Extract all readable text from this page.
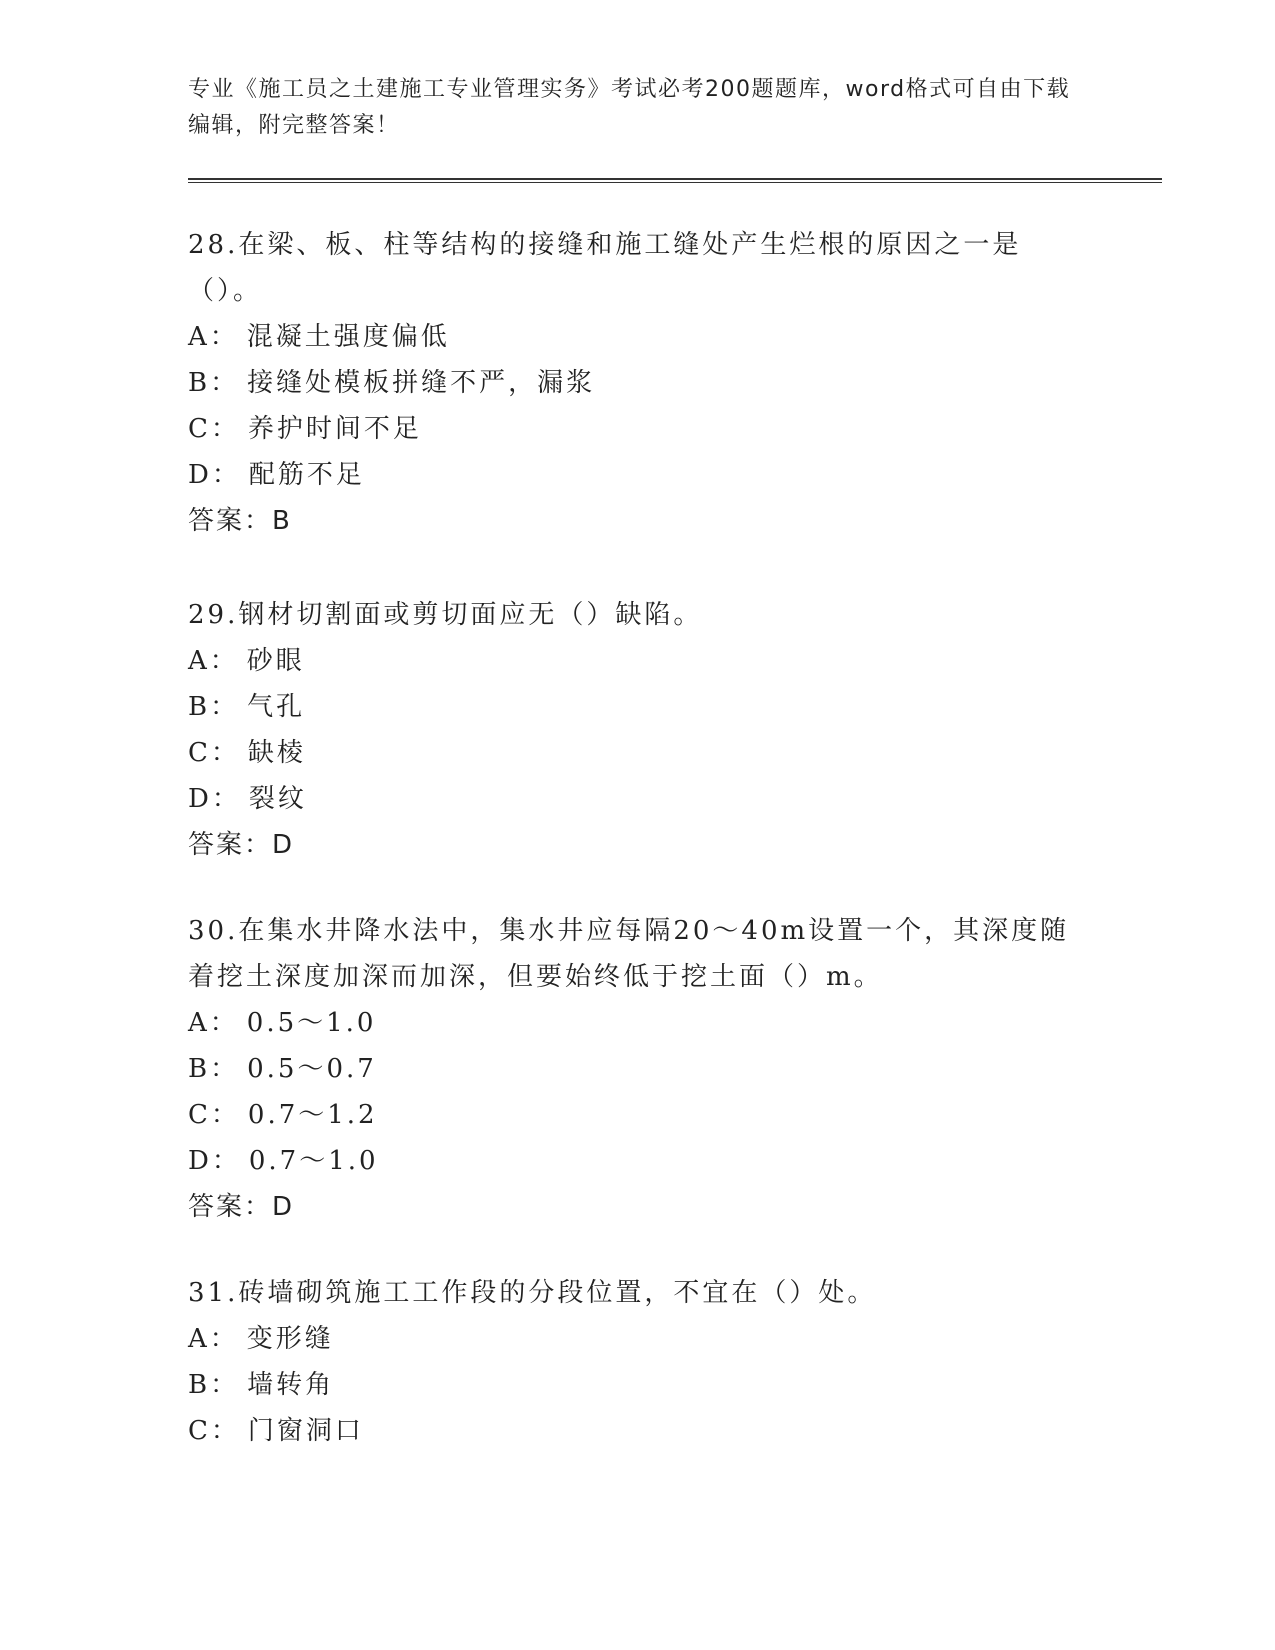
专业《施工员之土建施工专业管理实务》考试必考200题题库，word格式可自由下载编辑，附完整答案！

28.在梁、板、柱等结构的接缝和施工缝处产生烂根的原因之一是（）。

A： 混凝土强度偏低

B： 接缝处模板拼缝不严，漏浆

C： 养护时间不足

D： 配筋不足

答案：B

29.钢材切割面或剪切面应无（）缺陷。

A： 砂眼

B： 气孔

C： 缺棱

D： 裂纹

答案：D

30.在集水井降水法中，集水井应每隔20～40m设置一个，其深度随着挖土深度加深而加深，但要始终低于挖土面（）m。

A： 0.5～1.0

B： 0.5～0.7

C： 0.7～1.2

D： 0.7～1.0

答案：D

31.砖墙砌筑施工工作段的分段位置，不宜在（）处。

A： 变形缝

B： 墙转角

C： 门窗洞口
